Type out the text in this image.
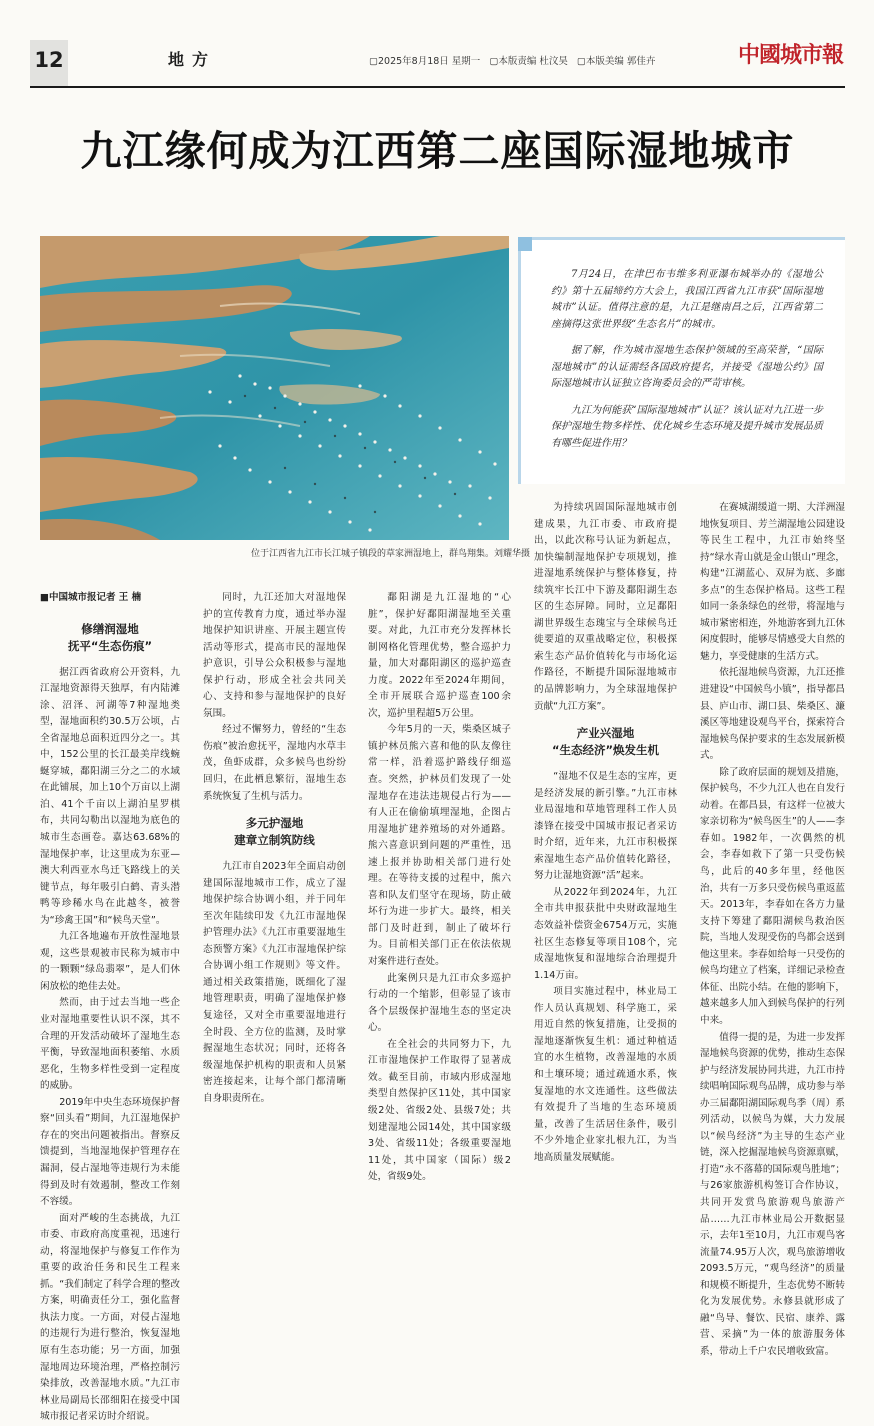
12	地方	▢2025年8月18日 星期一 ▢本版责编 杜汶昊 ▢本版美编 郭佳卉	中國城市報
九江缘何成为江西第二座国际湿地城市
位于江西省九江市长江城子镇段的草家洲湿地上，群鸟翔集。刘耀华摄

7月24日，在津巴布韦维多利亚瀑布城举办的《湿地公约》第十五届缔约方大会上，我国江西省九江市获“国际湿地城市”认证。值得注意的是，九江是继南昌之后，江西省第二座摘得这张世界级“生态名片”的城市。

据了解，作为城市湿地生态保护领域的至高荣誉，“国际湿地城市”的认证需经各国政府提名，并接受《湿地公约》国际湿地城市认证独立咨询委员会的严苛审核。

九江为何能获“国际湿地城市”认证？该认证对九江进一步保护湿地生物多样性、优化城乡生态环境及提升城市发展品质有哪些促进作用？

■中国城市报记者 王 楠

修缮润湿地
抚平“生态伤痕”

据江西省政府公开资料，九江湿地资源得天独厚，有内陆滩涂、沼泽、河湖等7种湿地类型，湿地面积约30.5万公顷，占全省湿地总面积近四分之一。其中，152公里的长江最美岸线蜿蜒穿城，鄱阳湖三分之二的水域在此铺展，加上10个万亩以上湖泊、41个千亩以上湖泊星罗棋布，共同勾勒出以湿地为底色的城市生态画卷。嘉达63.68%的湿地保护率，让这里成为东亚—澳大利西亚水鸟迁飞路线上的关键节点，每年吸引白鹤、青头潜鸭等珍稀水鸟在此越冬，被誉为“珍禽王国”和“候鸟天堂”。

九江各地遍布开放性湿地景观，这些景观被市民称为城市中的一颗颗“绿岛翡翠”，是人们休闲放松的绝佳去处。

然而，由于过去当地一些企业对湿地重要性认识不深，其不合理的开发活动破坏了湿地生态平衡，导致湿地面积萎缩、水质恶化，生物多样性受到一定程度的威胁。

2019年中央生态环境保护督察“回头看”期间，九江湿地保护存在的突出问题被指出。督察反馈提到，当地湿地保护管理存在漏洞，侵占湿地等违规行为未能得到及时有效遏制，整改工作刻不容缓。

面对严峻的生态挑战，九江市委、市政府高度重视，迅速行动，将湿地保护与修复工作作为重要的政治任务和民生工程来抓。“我们制定了科学合理的整改方案，明确责任分工，强化监督执法力度。一方面，对侵占湿地的违规行为进行整治，恢复湿地原有生态功能；另一方面，加强湿地周边环境治理，严格控制污染排放，改善湿地水质。”九江市林业局副局长邵细阳在接受中国城市报记者采访时介绍说。

同时，九江还加大对湿地保护的宣传教育力度，通过举办湿地保护知识讲座、开展主题宣传活动等形式，提高市民的湿地保护意识，引导公众积极参与湿地保护行动，形成全社会共同关心、支持和参与湿地保护的良好氛围。

经过不懈努力，曾经的“生态伤痕”被治愈抚平，湿地内水草丰茂，鱼虾成群，众多候鸟也纷纷回归，在此栖息繁衍，湿地生态系统恢复了生机与活力。

多元护湿地
建章立制筑防线

九江市自2023年全面启动创建国际湿地城市工作，成立了湿地保护综合协调小组，并于同年至次年陆续印发《九江市湿地保护管理办法》《九江市重要湿地生态预警方案》《九江市湿地保护综合协调小组工作规则》等文件。通过相关政策措施，既细化了湿地管理职责，明确了湿地保护修复途径，又对全市重要湿地进行全时段、全方位的监测，及时掌握湿地生态状况；同时，还将各级湿地保护机构的职责和人员紧密连接起来，让每个部门都清晰自身职责所在。

鄱阳湖是九江湿地的“心脏”，保护好鄱阳湖湿地至关重要。对此，九江市充分发挥林长制网格化管理优势，整合巡护力量，加大对鄱阳湖区的巡护巡查力度。2022年至2024年期间，全市开展联合巡护巡查100余次，巡护里程超5万公里。

今年5月的一天，柴桑区城子镇护林员熊六喜和他的队友像往常一样，沿着巡护路线仔细巡查。突然，护林员们发现了一处湿地存在违法违规侵占行为——有人正在偷偷填埋湿地，企图占用湿地扩建养殖场的对外通路。熊六喜意识到问题的严重性，迅速上报并协助相关部门进行处理。在等待支援的过程中，熊六喜和队友们坚守在现场，防止破坏行为进一步扩大。最终，相关部门及时赶到，制止了破坏行为。目前相关部门正在依法依规对案件进行查处。

此案例只是九江市众多巡护行动的一个缩影，但彰显了该市各个层级保护湿地生态的坚定决心。

在全社会的共同努力下，九江市湿地保护工作取得了显著成效。截至目前，市域内形成湿地类型自然保护区11处，其中国家级2处、省级2处、县级7处；共划建湿地公园14处，其中国家级3处、省级11处；各级重要湿地11处，其中国家（国际）级2处，省级9处。

为持续巩固国际湿地城市创建成果，九江市委、市政府提出，以此次称号认证为新起点，加快编制湿地保护专项规划，推进湿地系统保护与整体修复，持续筑牢长江中下游及鄱阳湖生态区的生态屏障。同时，立足鄱阳湖世界级生态瑰宝与全球候鸟迁徙要道的双重战略定位，积极探索生态产品价值转化与市场化运作路径，不断提升国际湿地城市的品牌影响力，为全球湿地保护贡献“九江方案”。

产业兴湿地
“生态经济”焕发生机

“湿地不仅是生态的宝库，更是经济发展的新引擎。”九江市林业局湿地和草地管理科工作人员漆锋在接受中国城市报记者采访时介绍，近年来，九江市积极探索湿地生态产品价值转化路径，努力让湿地资源“活”起来。

从2022年到2024年，九江全市共申报获批中央财政湿地生态效益补偿资金6754万元，实施社区生态修复等项目108个，完成湿地恢复和湿地综合治理提升1.14万亩。

项目实施过程中，林业局工作人员认真规划、科学施工，采用近自然的恢复措施，让受损的湿地逐渐恢复生机：通过种植适宜的水生植物，改善湿地的水质和土壤环境；通过疏通水系，恢复湿地的水文连通性。这些做法有效提升了当地的生态环境质量，改善了生活居住条件，吸引不少外地企业家扎根九江，为当地高质量发展赋能。

在赛城湖缓道一期、大洋洲湿地恢复项目、芳兰湖湿地公园建设等民生工程中，九江市始终坚持“绿水青山就是金山银山”理念，构建“江湖蓝心、双屏为底、多廊多点”的生态保护格局。这些工程如同一条条绿色的丝带，将湿地与城市紧密相连，外地游客到九江休闲度假时，能够尽情感受大自然的魅力，享受健康的生活方式。

依托湿地候鸟资源，九江还推进建设“中国候鸟小镇”，指导都昌县、庐山市、湖口县、柴桑区、濂溪区等地建设观鸟平台，探索符合湿地候鸟保护要求的生态发展新模式。

除了政府层面的规划及措施，保护候鸟，不少九江人也在自发行动着。在都昌县，有这样一位被大家亲切称为“候鸟医生”的人——李春如。1982年，一次偶然的机会，李春如救下了第一只受伤候鸟，此后的40多年里，经他医治，共有一万多只受伤候鸟重返蓝天。2013年，李春如在各方力量支持下筹建了鄱阳湖候鸟救治医院，当地人发现受伤的鸟都会送到他这里来。李春如给每一只受伤的候鸟均建立了档案，详细记录检查体征、出院小结。在他的影响下，越来越多人加入到候鸟保护的行列中来。

值得一提的是，为进一步发挥湿地候鸟资源的优势，推动生态保护与经济发展协同共进，九江市持续唱响国际观鸟品牌，成功参与举办三届鄱阳湖国际观鸟季（周）系列活动，以候鸟为媒，大力发展以“候鸟经济”为主导的生态产业链，深入挖掘湿地候鸟资源禀赋，打造“永不落幕的国际观鸟胜地”；与26家旅游机构签订合作协议，共同开发赏鸟旅游观鸟旅游产品……九江市林业局公开数据显示，去年1至10月，九江市观鸟客流量74.95万人次，观鸟旅游增收2093.5万元，“观鸟经济”的质量和规模不断提升，生态优势不断转化为发展优势。永修县就形成了融“鸟导、餐饮、民宿、康养、露营、采摘”为一体的旅游服务体系，带动上千户农民增收致富。
